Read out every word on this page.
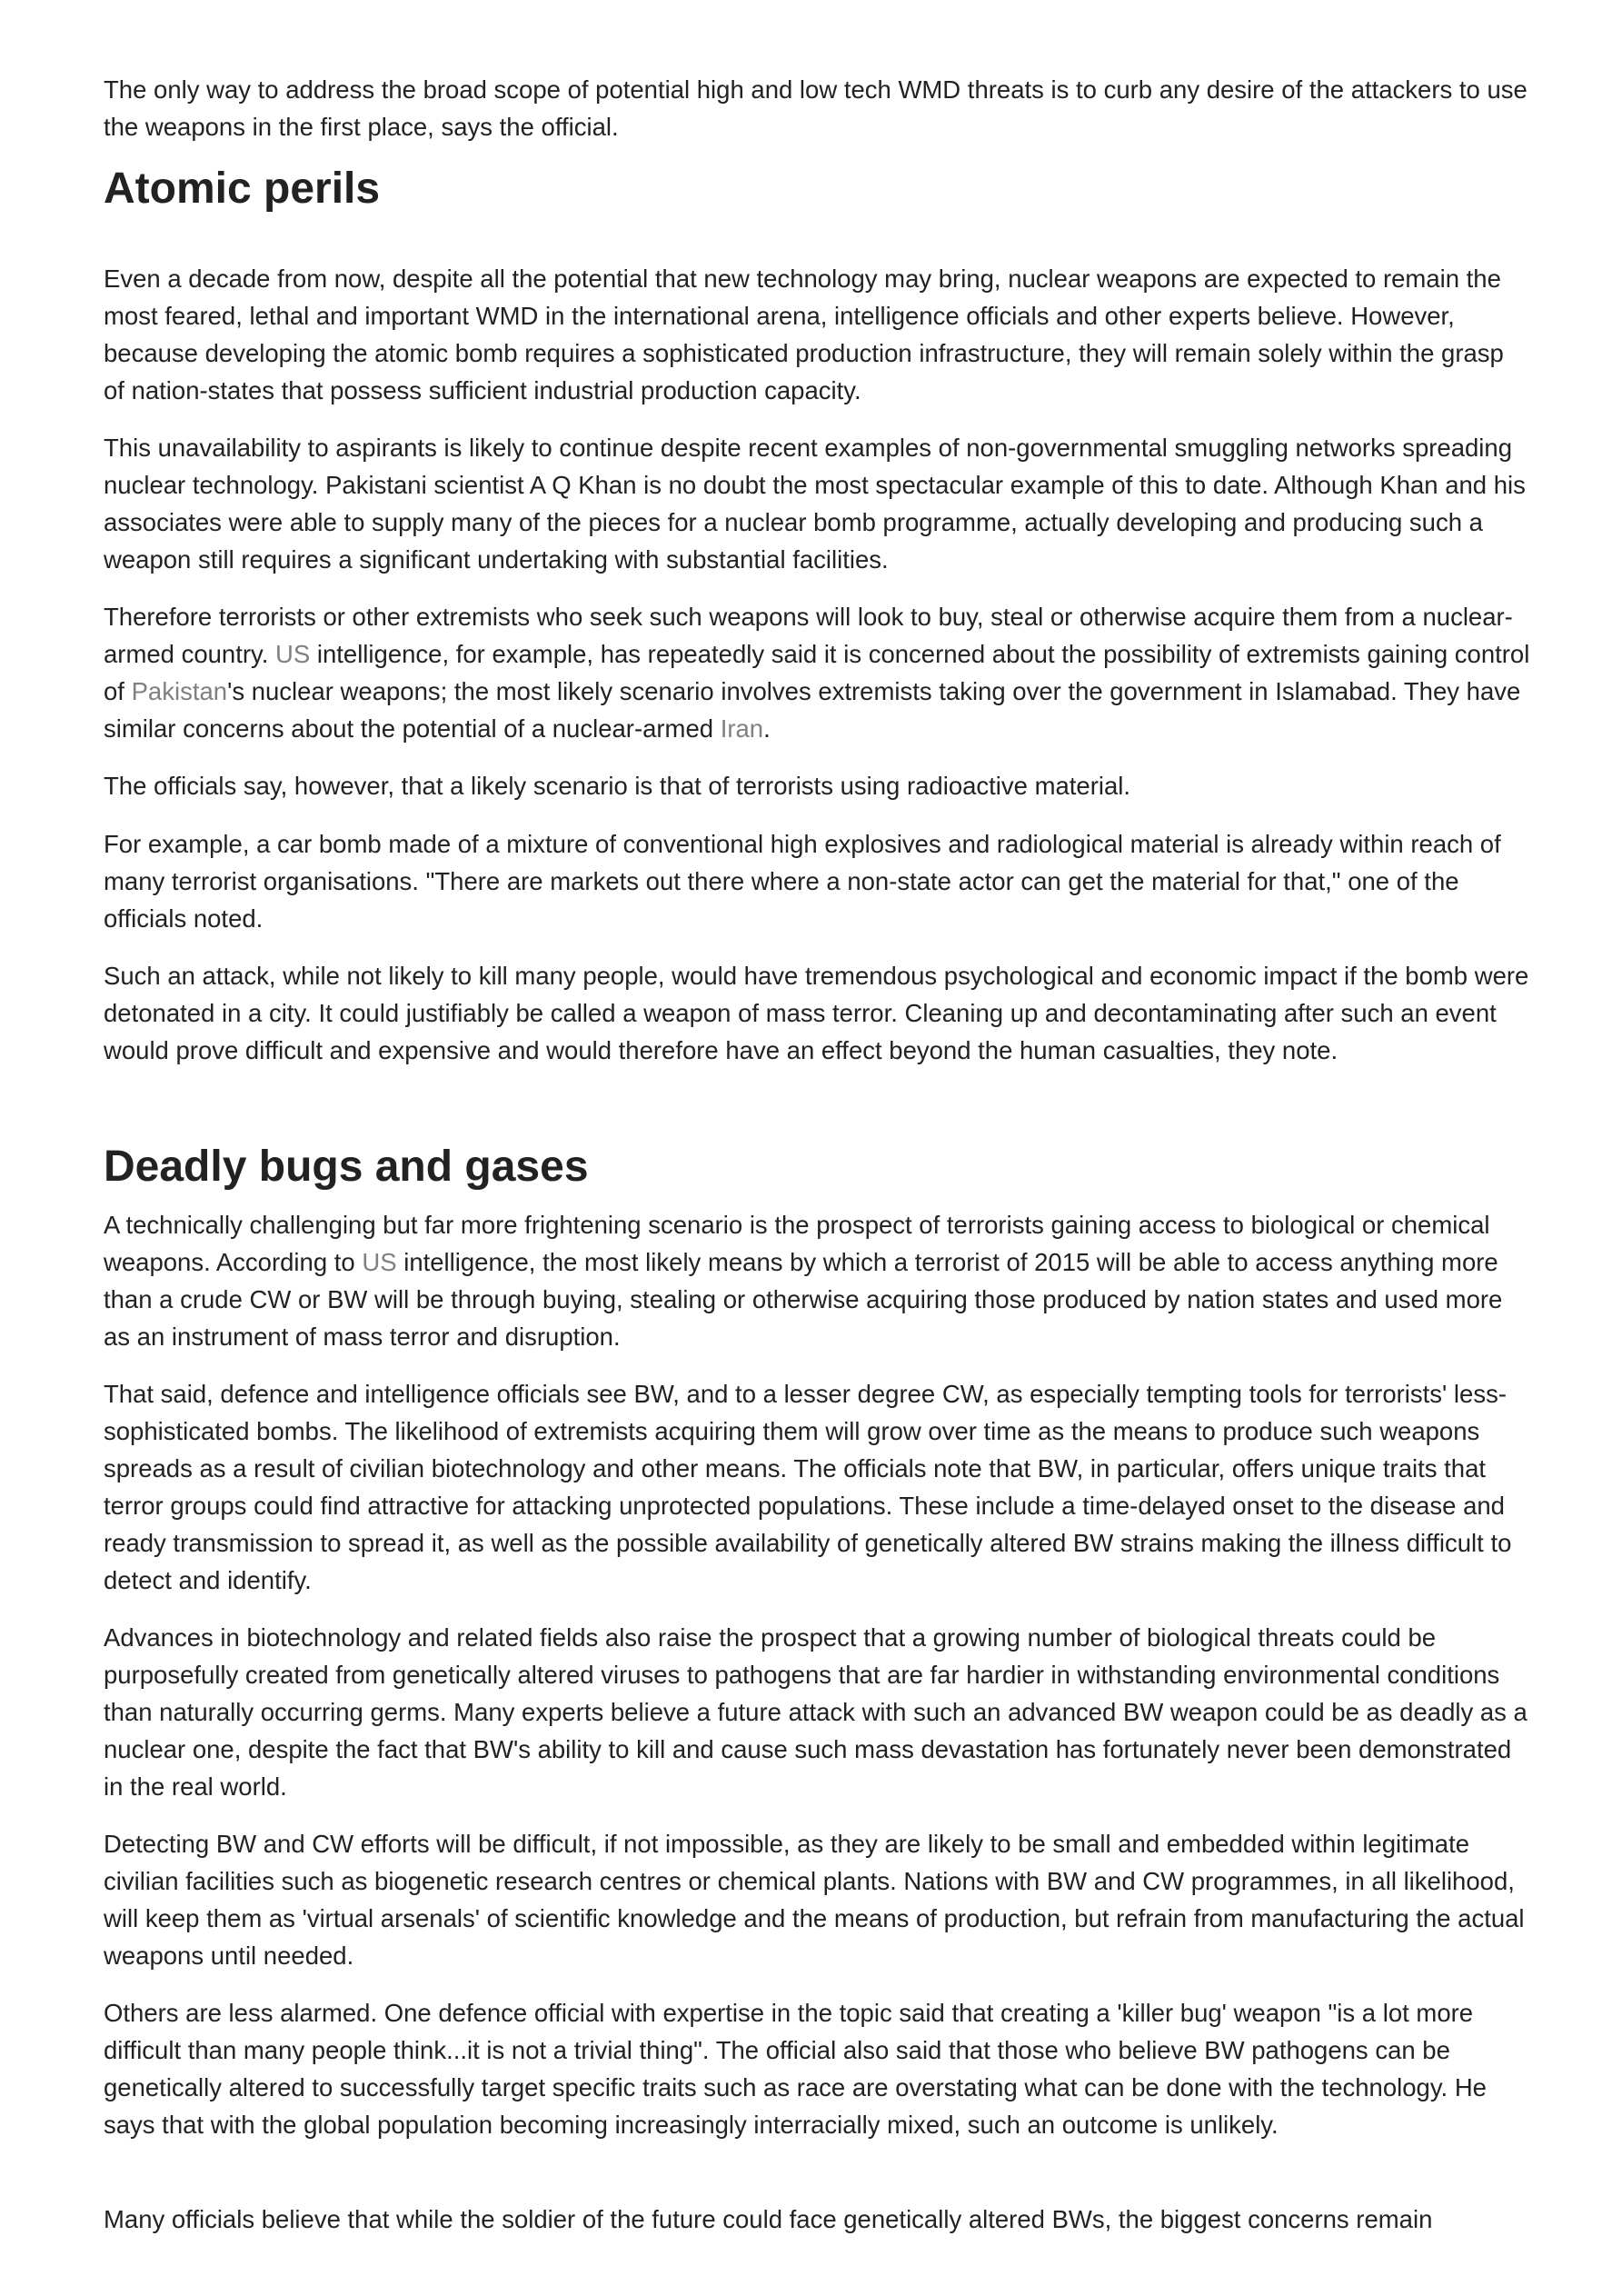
The only way to address the broad scope of potential high and low tech WMD threats is to curb any desire of the attackers to use the weapons in the first place, says the official.

Atomic perils

Even a decade from now, despite all the potential that new technology may bring, nuclear weapons are expected to remain the most feared, lethal and important WMD in the international arena, intelligence officials and other experts believe. However, because developing the atomic bomb requires a sophisticated production infrastructure, they will remain solely within the grasp of nation-states that possess sufficient industrial production capacity.

This unavailability to aspirants is likely to continue despite recent examples of non-governmental smuggling networks spreading nuclear technology. Pakistani scientist A Q Khan is no doubt the most spectacular example of this to date. Although Khan and his associates were able to supply many of the pieces for a nuclear bomb programme, actually developing and producing such a weapon still requires a significant undertaking with substantial facilities.

Therefore terrorists or other extremists who seek such weapons will look to buy, steal or otherwise acquire them from a nuclear-armed country. US intelligence, for example, has repeatedly said it is concerned about the possibility of extremists gaining control of Pakistan's nuclear weapons; the most likely scenario involves extremists taking over the government in Islamabad. They have similar concerns about the potential of a nuclear-armed Iran.

The officials say, however, that a likely scenario is that of terrorists using radioactive material.

For example, a car bomb made of a mixture of conventional high explosives and radiological material is already within reach of many terrorist organisations. "There are markets out there where a non-state actor can get the material for that," one of the officials noted.

Such an attack, while not likely to kill many people, would have tremendous psychological and economic impact if the bomb were detonated in a city. It could justifiably be called a weapon of mass terror. Cleaning up and decontaminating after such an event would prove difficult and expensive and would therefore have an effect beyond the human casualties, they note.

Deadly bugs and gases

A technically challenging but far more frightening scenario is the prospect of terrorists gaining access to biological or chemical weapons. According to US intelligence, the most likely means by which a terrorist of 2015 will be able to access anything more than a crude CW or BW will be through buying, stealing or otherwise acquiring those produced by nation states and used more as an instrument of mass terror and disruption.

That said, defence and intelligence officials see BW, and to a lesser degree CW, as especially tempting tools for terrorists' less-sophisticated bombs. The likelihood of extremists acquiring them will grow over time as the means to produce such weapons spreads as a result of civilian biotechnology and other means. The officials note that BW, in particular, offers unique traits that terror groups could find attractive for attacking unprotected populations. These include a time-delayed onset to the disease and ready transmission to spread it, as well as the possible availability of genetically altered BW strains making the illness difficult to detect and identify.

Advances in biotechnology and related fields also raise the prospect that a growing number of biological threats could be purposefully created from genetically altered viruses to pathogens that are far hardier in withstanding environmental conditions than naturally occurring germs. Many experts believe a future attack with such an advanced BW weapon could be as deadly as a nuclear one, despite the fact that BW's ability to kill and cause such mass devastation has fortunately never been demonstrated in the real world.

Detecting BW and CW efforts will be difficult, if not impossible, as they are likely to be small and embedded within legitimate civilian facilities such as biogenetic research centres or chemical plants. Nations with BW and CW programmes, in all likelihood, will keep them as 'virtual arsenals' of scientific knowledge and the means of production, but refrain from manufacturing the actual weapons until needed.

Others are less alarmed. One defence official with expertise in the topic said that creating a 'killer bug' weapon "is a lot more difficult than many people think...it is not a trivial thing". The official also said that those who believe BW pathogens can be genetically altered to successfully target specific traits such as race are overstating what can be done with the technology. He says that with the global population becoming increasingly interracially mixed, such an outcome is unlikely.

Many officials believe that while the soldier of the future could face genetically altered BWs, the biggest concerns remain
